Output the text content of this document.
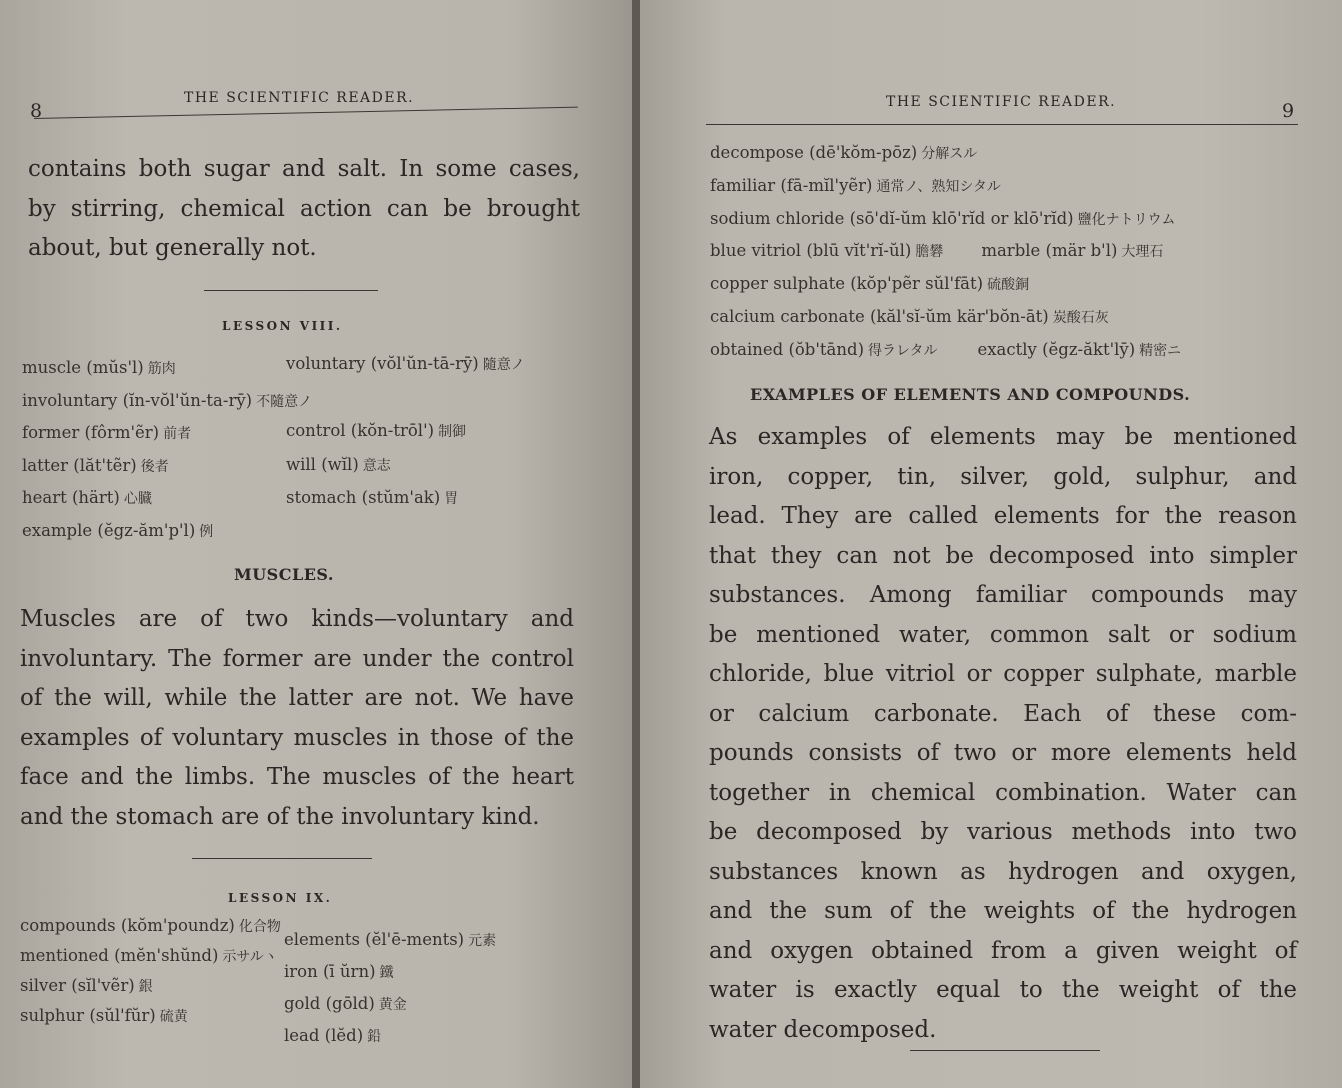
8
THE SCIENTIFIC READER.
contains both sugar and salt. In some cases,
by stirring, chemical action can be brought
about, but generally not.
LESSON VIII.
muscle (mŭs'l) 筋肉
involuntary (ĭn-vŏl'ŭn-ta-rȳ) 不隨意ノ
former (fôrm'ẽr) 前者
latter (lăt'tẽr) 後者
heart (härt) 心臓
example (ĕgz-ăm'p'l) 例
voluntary (vŏl'ŭn-tā-rȳ) 隨意ノ
control (kŏn-trōl') 制御
will (wĭl) 意志
stomach (stŭm'ak) 胃
MUSCLES.
Muscles are of two kinds—voluntary and
involuntary. The former are under the control
of the will, while the latter are not. We have
examples of voluntary muscles in those of the
face and the limbs. The muscles of the heart
and the stomach are of the involuntary kind.
LESSON IX.
compounds (kŏm'poundz) 化合物
mentioned (mĕn'shŭnd) 示サルヽ
silver (sĭl'vẽr) 銀
sulphur (sŭl'fŭr) 硫黄
elements (ĕl'ē-ments) 元素
iron (ī ŭrn) 鐵
gold (gōld) 黄金
lead (lĕd) 鉛
THE SCIENTIFIC READER.	9
decompose (dē'kŏm-pōz) 分解スル
familiar (fā-mĭl'yẽr) 通常ノ、熟知シタル
sodium chloride (sō'dĭ-ŭm klō'rĭd or klō'rĭd) 鹽化ナトリウム
blue vitriol (blū vĭt'rĭ-ŭl) 膽礬 marble (mär b'l) 大理石
copper sulphate (kŏp'pẽr sŭl'fāt) 硫酸銅
calcium carbonate (kăl'sĭ-ŭm kär'bŏn-āt) 炭酸石灰
obtained (ŏb'tānd) 得ラレタル exactly (ĕgz-ăkt'lȳ) 精密ニ
EXAMPLES OF ELEMENTS AND COMPOUNDS.
As examples of elements may be mentioned
iron, copper, tin, silver, gold, sulphur, and
lead. They are called elements for the reason
that they can not be decomposed into simpler
substances. Among familiar compounds may
be mentioned water, common salt or sodium
chloride, blue vitriol or copper sulphate, marble
or calcium carbonate. Each of these com-
pounds consists of two or more elements held
together in chemical combination. Water can
be decomposed by various methods into two
substances known as hydrogen and oxygen,
and the sum of the weights of the hydrogen
and oxygen obtained from a given weight of
water is exactly equal to the weight of the
water decomposed.
